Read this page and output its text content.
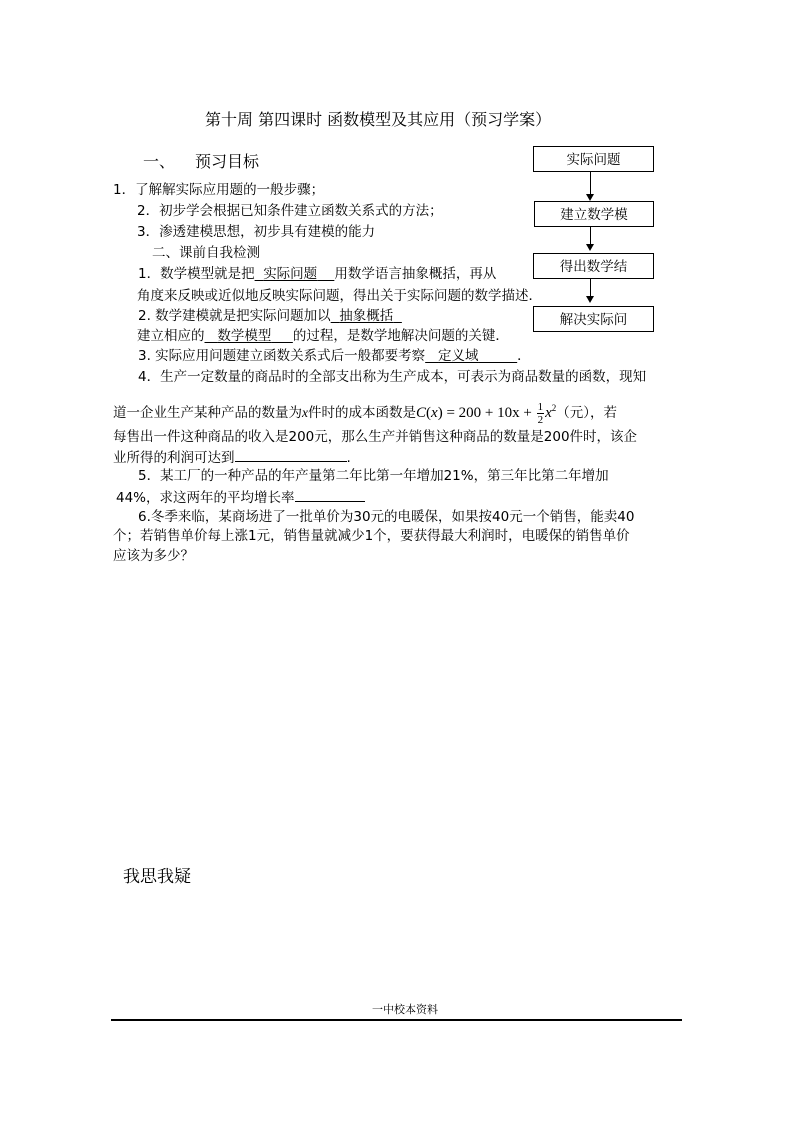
第十周 第四课时 函数模型及其应用（预习学案）
一、 预习目标
1．了解解实际应用题的一般步骤；
2．初步学会根据已知条件建立函数关系式的方法；
3．渗透建模思想，初步具有建模的能力
二、课前自我检测
1．数学模型就是把 实际问题 用数学语言抽象概括，再从
角度来反映或近似地反映实际问题，得出关于实际问题的数学描述．
2. 数学建模就是把实际问题加以 抽象概括
建立相应的 数学模型 的过程，是数学地解决问题的关键．
3. 实际应用问题建立函数关系式后一般都要考察 定义域	．
4．生产一定数量的商品时的全部支出称为生产成本，可表示为商品数量的函数，现知
道一企业生产某种产品的数量为x件时的成本函数是$C(x) = 200 + 10x + \frac{1}{2} x^2$（元），若
每售出一件这种商品的收入是200元，那么生产并销售这种商品的数量是200件时，该企
业所得的利润可达到	.
5．某工厂的一种产品的年产量第二年比第一年增加21%，第三年比第二年增加
44%，求这两年的平均增长率
6.冬季来临，某商场进了一批单价为30元的电暖保，如果按40元一个销售，能卖40
个；若销售单价每上涨1元，销售量就减少1个，要获得最大利润时，电暖保的销售单价
应该为多少？
实际问题
建立数学模
得出数学结
解决实际问
我思我疑
一中校本资料
